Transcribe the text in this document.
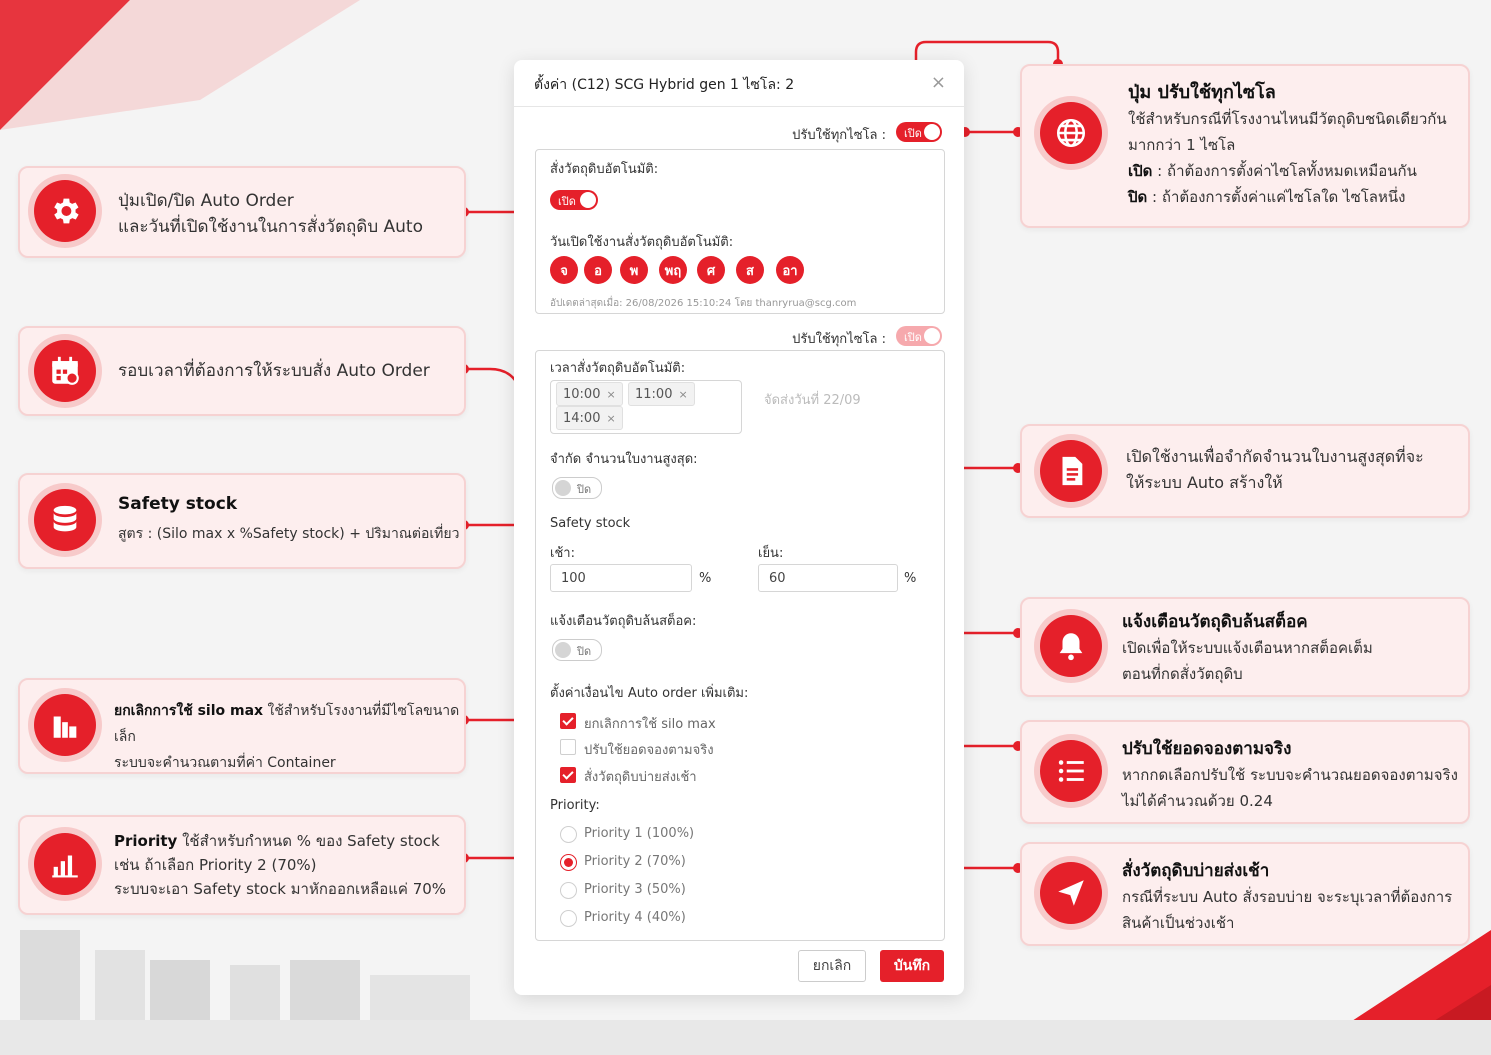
ปุ่มเปิด/ปิด Auto Order
และวันที่เปิดใช้งานในการสั่งวัตถุดิบ Auto
รอบเวลาที่ต้องการให้ระบบสั่ง Auto Order
Safety stock
สูตร : (Silo max x %Safety stock) + ปริมาณต่อเที่ยว
ยกเลิกการใช้ silo max ใช้สำหรับโรงงานที่มีไซโลขนาดเล็ก
ระบบจะคำนวณตามที่ค่า Container
Priority ใช้สำหรับกำหนด % ของ Safety stock
เช่น ถ้าเลือก Priority 2 (70%)
ระบบจะเอา Safety stock มาหักออกเหลือแค่ 70%
ปุ่ม ปรับใช้ทุกไซโล
ใช้สำหรับกรณีที่โรงงานไหนมีวัตถุดิบชนิดเดียวกัน
มากกว่า 1 ไซโล
เปิด : ถ้าต้องการตั้งค่าไซโลทั้งหมดเหมือนกัน
ปิด : ถ้าต้องการตั้งค่าแค่ไซโลใด ไซโลหนึ่ง
เปิดใช้งานเพื่อจำกัดจำนวนใบงานสูงสุดที่จะ
ให้ระบบ Auto สร้างให้
แจ้งเตือนวัตถุดิบล้นสต็อค
เปิดเพื่อให้ระบบแจ้งเตือนหากสต็อคเต็ม
ตอนที่กดสั่งวัตถุดิบ
ปรับใช้ยอดจองตามจริง
หากกดเลือกปรับใช้ ระบบจะคำนวณยอดจองตามจริง
ไม่ได้คำนวณด้วย 0.24
สั่งวัตถุดิบบ่ายส่งเช้า
กรณีที่ระบบ Auto สั่งรอบบ่าย จะระบุเวลาที่ต้องการ
สินค้าเป็นช่วงเช้า
ตั้งค่า (C12) SCG Hybrid gen 1 ไซโล: 2	×
ปรับใช้ทุกไซโล : เปิด
สั่งวัตถุดิบอัตโนมัติ:
เปิด
วันเปิดใช้งานสั่งวัตถุดิบอัตโนมัติ:
จ	อ	พ	พฤ	ศ	ส	อา
อัปเดตล่าสุดเมื่อ: 26/08/2026 15:10:24 โดย thanryrua@scg.com
ปรับใช้ทุกไซโล : เปิด
เวลาสั่งวัตถุดิบอัตโนมัติ:
10:00 × 11:00 ×
14:00 ×
จัดส่งวันที่ 22/09
จำกัด จำนวนใบงานสูงสุด:
ปิด
Safety stock
เช้า:
100	%
เย็น:
60	%
แจ้งเตือนวัตถุดิบล้นสต็อค:
ปิด
ตั้งค่าเงื่อนไข Auto order เพิ่มเติม:
ยกเลิกการใช้ silo max
ปรับใช้ยอดจองตามจริง
สั่งวัตถุดิบบ่ายส่งเช้า
Priority:
Priority 1 (100%)
Priority 2 (70%)
Priority 3 (50%)
Priority 4 (40%)
ยกเลิก	บันทึก
